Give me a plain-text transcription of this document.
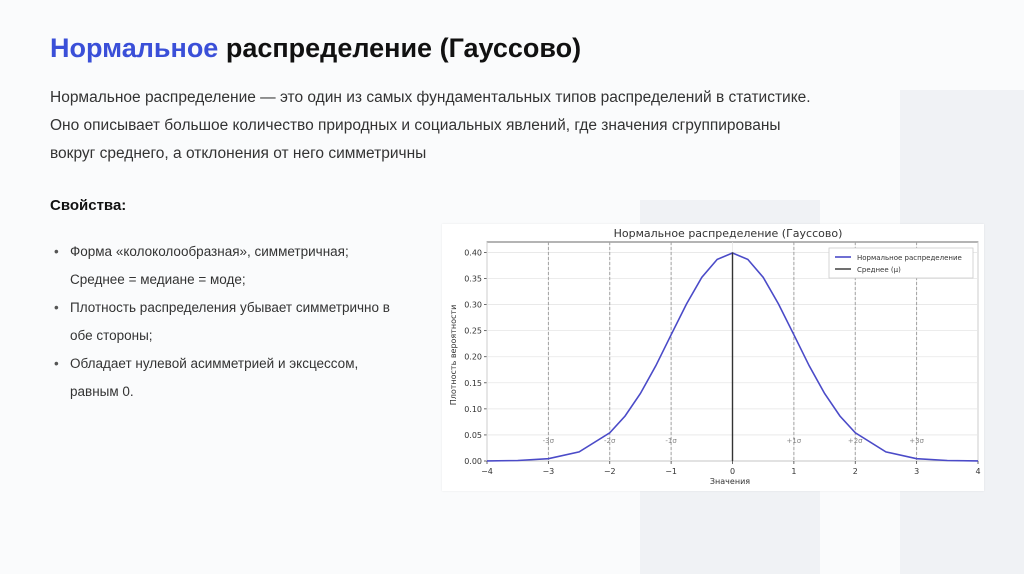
Нормальное распределение (Гауссово)

Нормальное распределение — это один из самых фундаментальных типов распределений в статистике. Оно описывает большое количество природных и социальных явлений, где значения сгруппированы вокруг среднего, а отклонения от него симметричны

Свойства:
• Форма «колоколообразная», симметричная; Среднее = медиане = моде;
• Плотность распределения убывает симметрично в обе стороны;
• Обладает нулевой асимметрией и эксцессом, равным 0.
Нормальное распределение (Гауссово)
Значения
Плотность вероятности
0.00
0.05
0.10
0.15
0.20
0.25
0.30
0.35
0.40
−4	−3	−2	−1	0	1	2	3	4
-3σ	-2σ	-1σ	+1σ	+2σ	+3σ
Нормальное распределение
Среднее (μ)
